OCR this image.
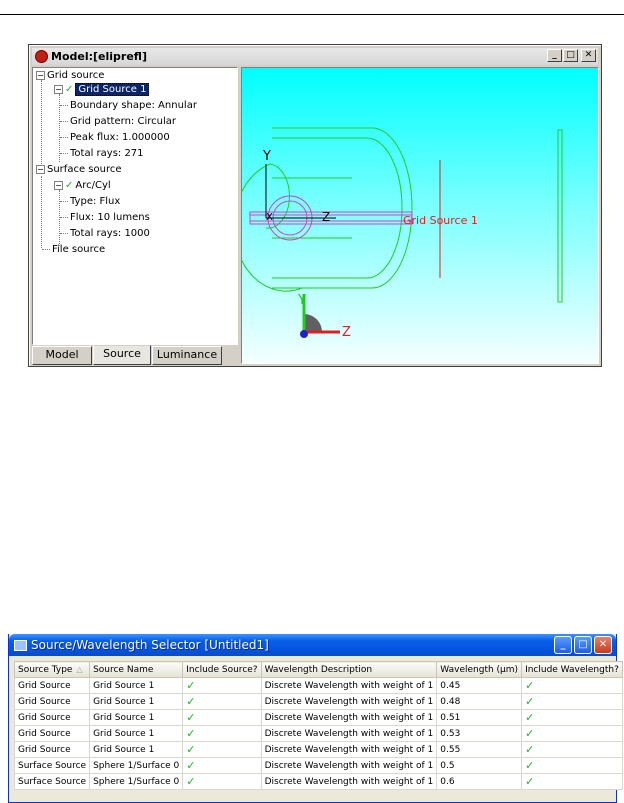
Model:[eliprefl]	_	□	✕
− Grid source
− ✓ Grid Source 1
Boundary shape: Annular
Grid pattern: Circular
Peak flux: 1.000000
Total rays: 271
− Surface source
− ✓ Arc/Cyl
Type: Flux
Flux: 10 lumens
Total rays: 1000
File source
Model	Source	Luminance
Y
X	Z	Grid Source 1
Y
Z
Source/Wavelength Selector [Untitled1]	_	□	✕
Source Type △	Source Name	Include Source?	Wavelength Description	Wavelength (µm)	Include Wavelength?
Grid Source	Grid Source 1	✓	Discrete Wavelength with weight of 1	0.45	✓
Grid Source	Grid Source 1	✓	Discrete Wavelength with weight of 1	0.48	✓
Grid Source	Grid Source 1	✓	Discrete Wavelength with weight of 1	0.51	✓
Grid Source	Grid Source 1	✓	Discrete Wavelength with weight of 1	0.53	✓
Grid Source	Grid Source 1	✓	Discrete Wavelength with weight of 1	0.55	✓
Surface Source	Sphere 1/Surface 0	✓	Discrete Wavelength with weight of 1	0.5	✓
Surface Source	Sphere 1/Surface 0	✓	Discrete Wavelength with weight of 1	0.6	✓
